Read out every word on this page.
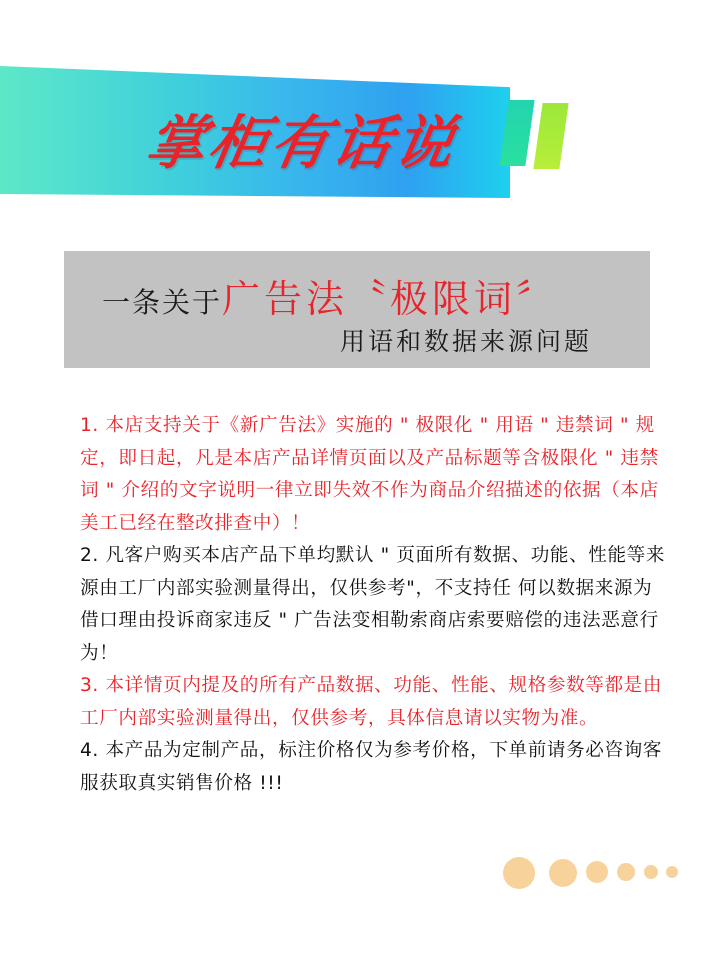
掌柜有话说
一条关于广告法〝极限词〞
用语和数据来源问题

1. 本店支持关于《新广告法》实施的 " 极限化 " 用语 " 违禁词 " 规定，即日起，凡是本店产品详情页面以及产品标题等含极限化 " 违禁词 " 介绍的文字说明一律立即失效不作为商品介绍描述的依据（本店美工已经在整改排查中）！

2. 凡客户购买本店产品下单均默认 " 页面所有数据、功能、性能等来源由工厂内部实验测量得出，仅供参考"，不支持任 何以数据来源为借口理由投诉商家违反 " 广告法变相勒索商店索要赔偿的违法恶意行为！

3. 本详情页内提及的所有产品数据、功能、性能、规格参数等都是由工厂内部实验测量得出，仅供参考，具体信息请以实物为准。

4. 本产品为定制产品，标注价格仅为参考价格，下单前请务必咨询客服获取真实销售价格 !!!
